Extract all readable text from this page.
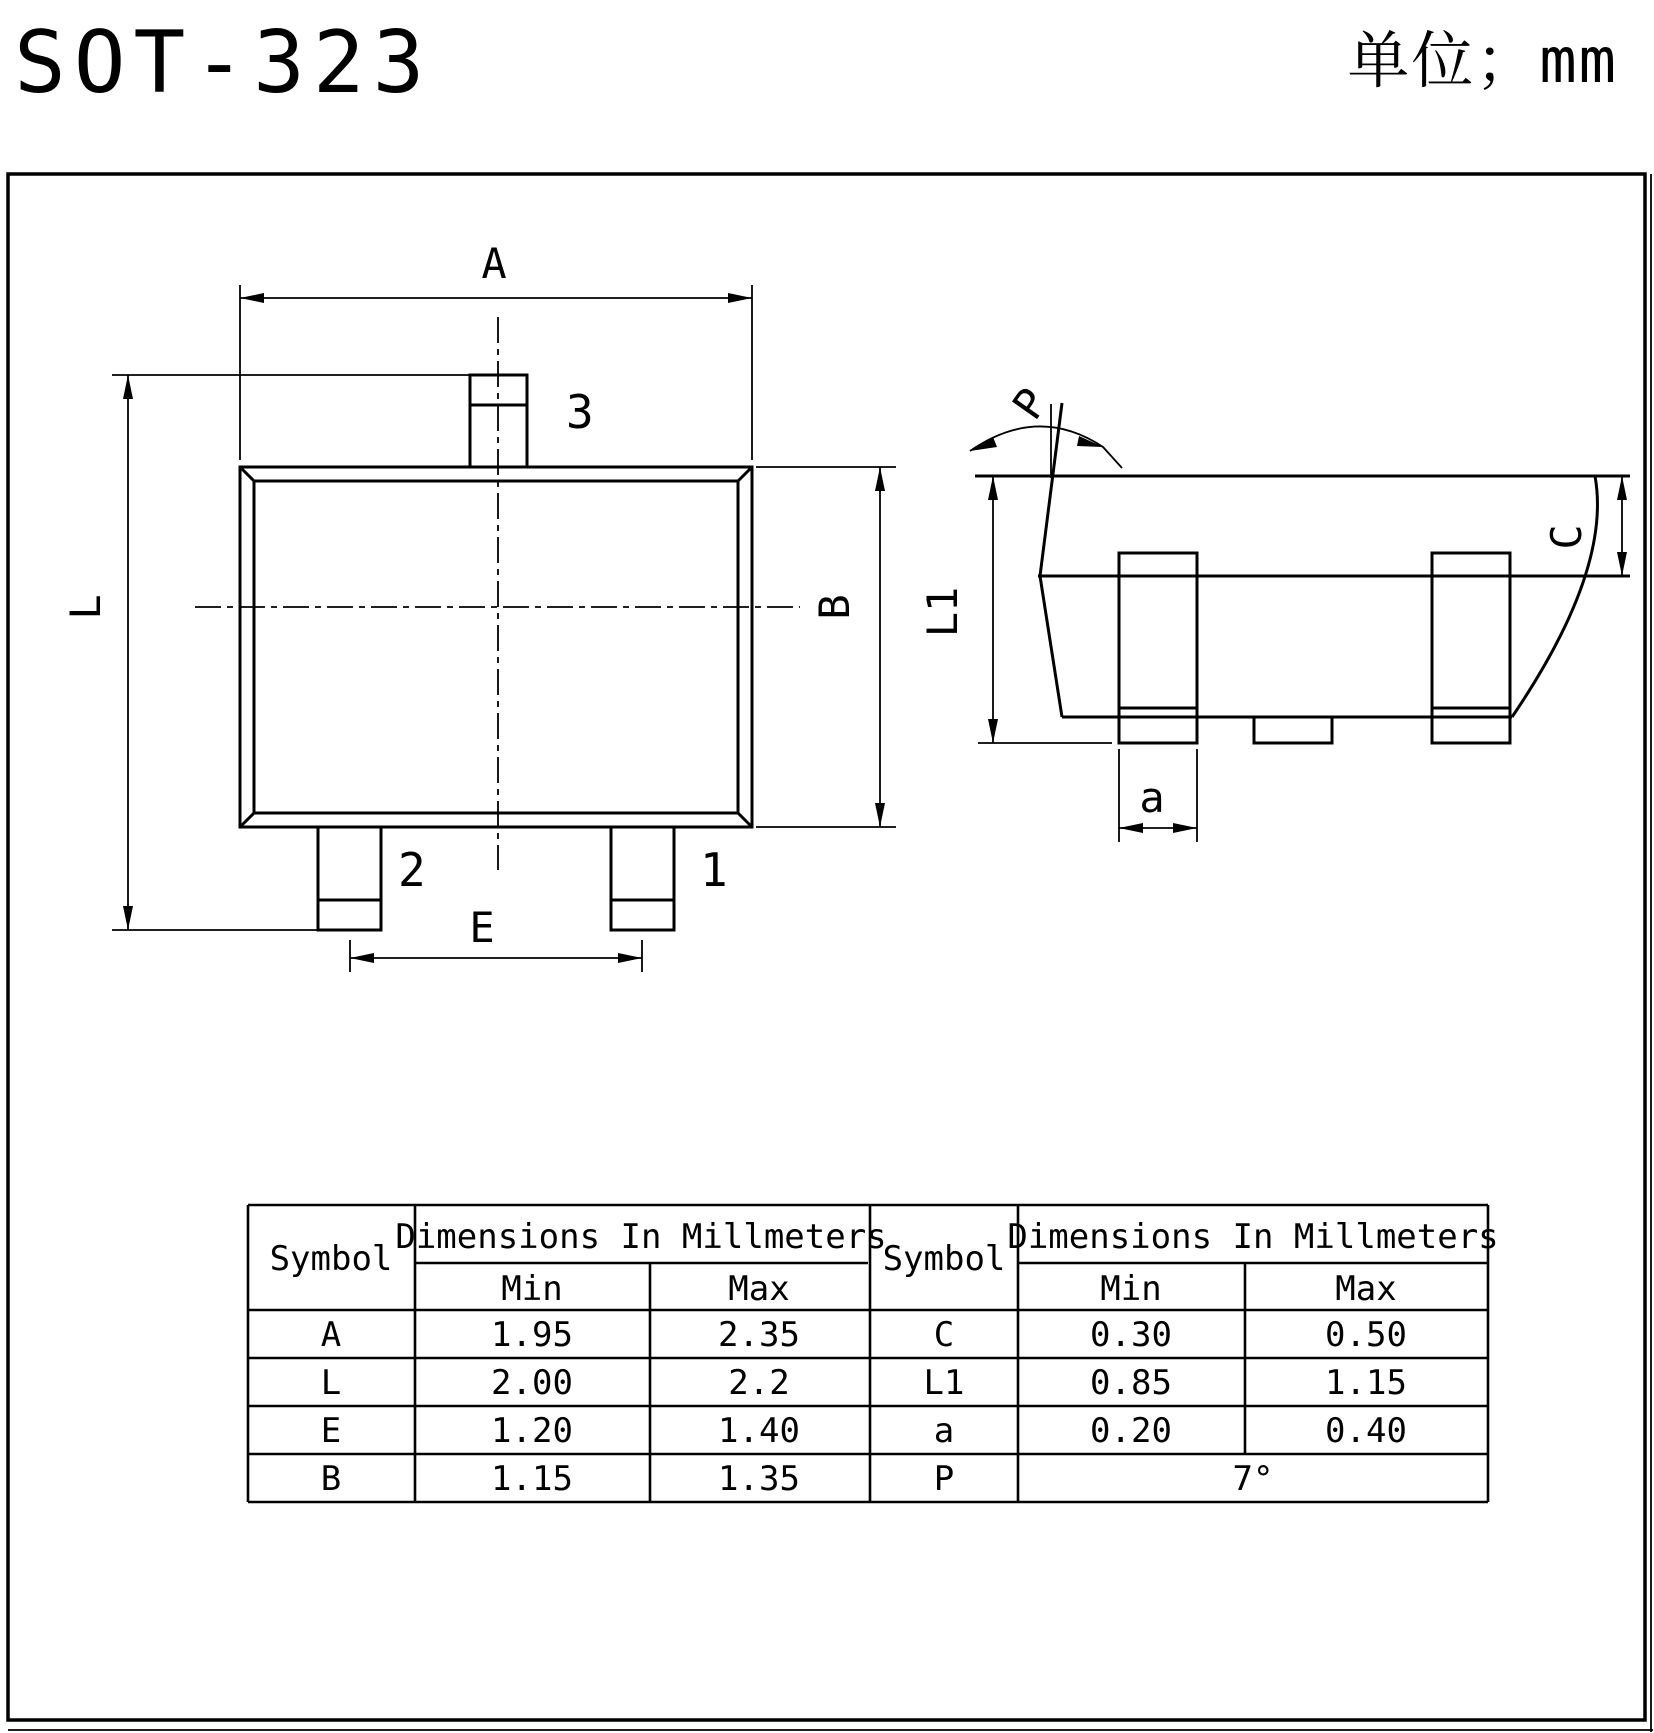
SOT-323	单位；mm
A
L	B
E
3
2	1
L1
C
a
P
Symbol
Dimensions In Millmeters
Min	Max
Symbol
Dimensions In Millmeters
Min	Max
A	1.95	2.35
L	2.00	2.2
E	1.20	1.40
B	1.15	1.35
C	0.30	0.50
L1	0.85	1.15
a	0.20	0.40
P	7°
